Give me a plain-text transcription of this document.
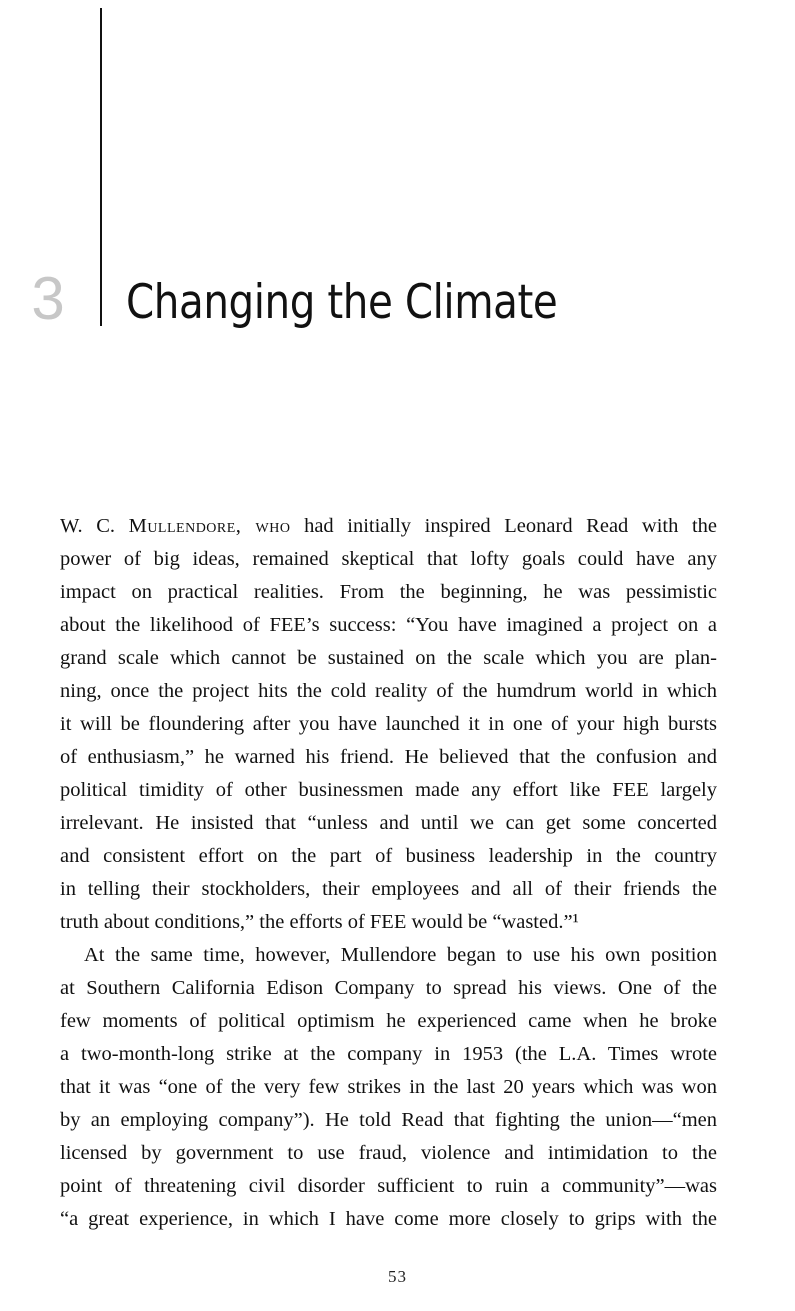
3 Changing the Climate
W. C. Mullendore, who had initially inspired Leonard Read with the
power of big ideas, remained skeptical that lofty goals could have any
impact on practical realities. From the beginning, he was pessimistic
about the likelihood of FEE’s success: “You have imagined a project on a
grand scale which cannot be sustained on the scale which you are plan-
ning, once the project hits the cold reality of the humdrum world in which
it will be floundering after you have launched it in one of your high bursts
of enthusiasm,” he warned his friend. He believed that the confusion and
political timidity of other businessmen made any effort like FEE largely
irrelevant. He insisted that “unless and until we can get some concerted
and consistent effort on the part of business leadership in the country
in telling their stockholders, their employees and all of their friends the
truth about conditions,” the efforts of FEE would be “wasted.”¹
At the same time, however, Mullendore began to use his own position
at Southern California Edison Company to spread his views. One of the
few moments of political optimism he experienced came when he broke
a two-month-long strike at the company in 1953 (the L.A. Times wrote
that it was “one of the very few strikes in the last 20 years which was won
by an employing company”). He told Read that fighting the union—“men
licensed by government to use fraud, violence and intimidation to the
point of threatening civil disorder sufficient to ruin a community”—was
“a great experience, in which I have come more closely to grips with the
53
